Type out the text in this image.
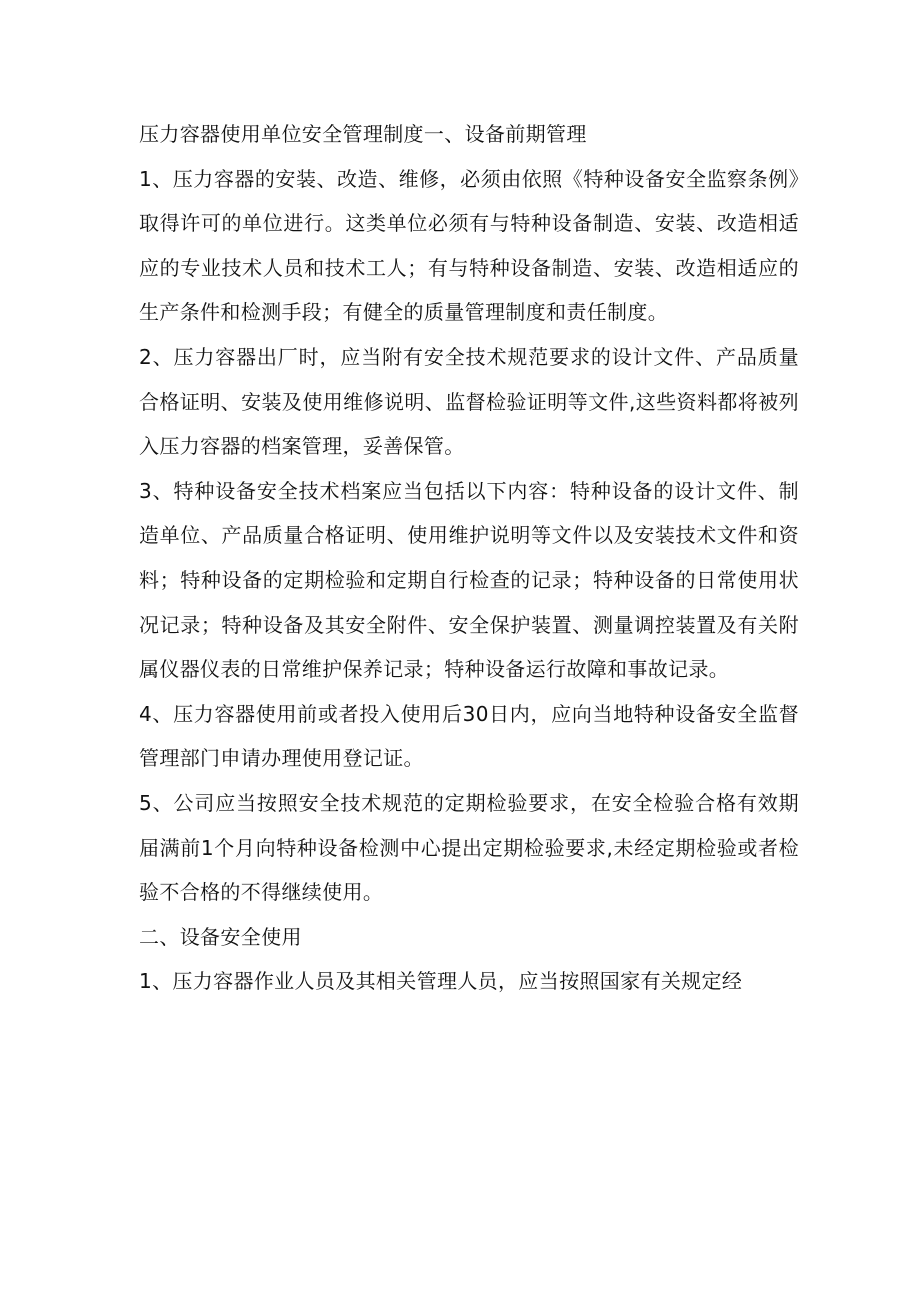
压力容器使用单位安全管理制度一、设备前期管理

1、压力容器的安装、改造、维修，必须由依照《特种设备安全监察条例》取得许可的单位进行。这类单位必须有与特种设备制造、安装、改造相适应的专业技术人员和技术工人；有与特种设备制造、安装、改造相适应的生产条件和检测手段；有健全的质量管理制度和责任制度。

2、压力容器出厂时，应当附有安全技术规范要求的设计文件、产品质量合格证明、安装及使用维修说明、监督检验证明等文件,这些资料都将被列入压力容器的档案管理，妥善保管。

3、特种设备安全技术档案应当包括以下内容：特种设备的设计文件、制造单位、产品质量合格证明、使用维护说明等文件以及安装技术文件和资料；特种设备的定期检验和定期自行检查的记录；特种设备的日常使用状况记录；特种设备及其安全附件、安全保护装置、测量调控装置及有关附属仪器仪表的日常维护保养记录；特种设备运行故障和事故记录。

4、压力容器使用前或者投入使用后30日内，应向当地特种设备安全监督管理部门申请办理使用登记证。

5、公司应当按照安全技术规范的定期检验要求，在安全检验合格有效期届满前1个月向特种设备检测中心提出定期检验要求,未经定期检验或者检验不合格的不得继续使用。

二、设备安全使用

1、压力容器作业人员及其相关管理人员，应当按照国家有关规定经
